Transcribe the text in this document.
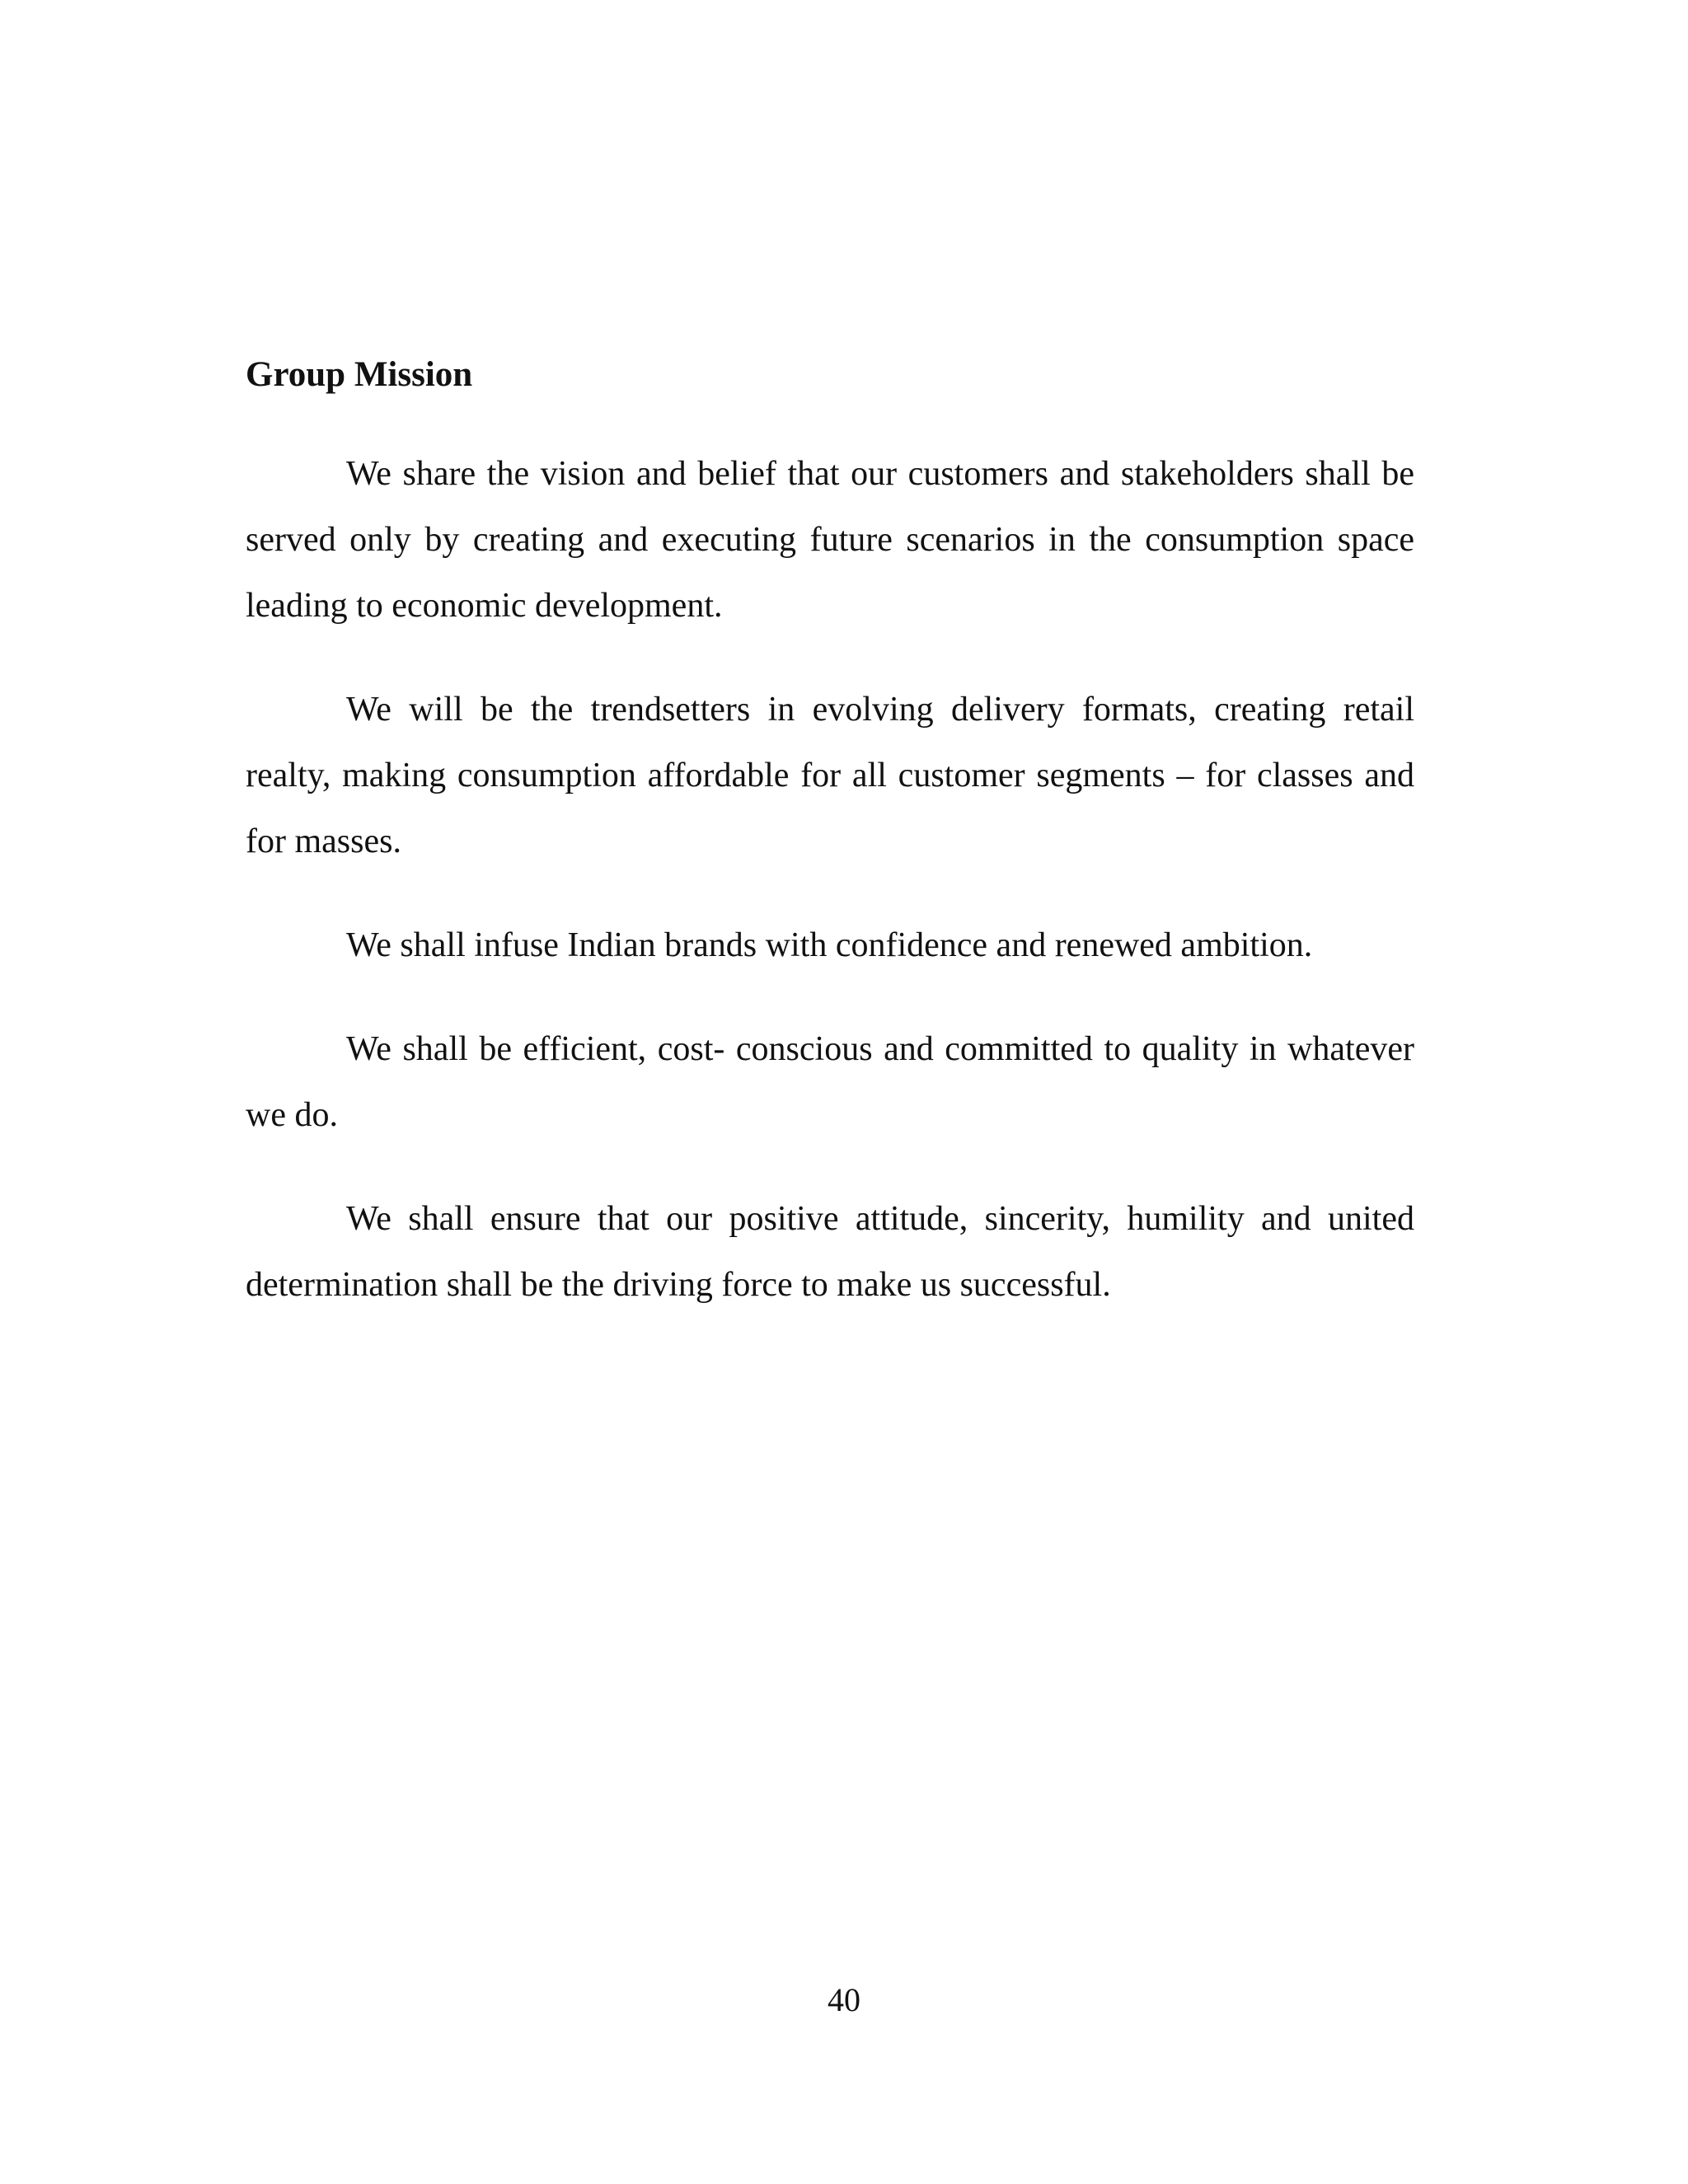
Group Mission

We share the vision and belief that our customers and stakeholders shall be served only by creating and executing future scenarios in the consumption space leading to economic development.

We will be the trendsetters in evolving delivery formats, creating retail realty, making consumption affordable for all customer segments – for classes and for masses.

We shall infuse Indian brands with confidence and renewed ambition.

We shall be efficient, cost- conscious and committed to quality in whatever we do.

We shall ensure that our positive attitude, sincerity, humility and united determination shall be the driving force to make us successful.

40
